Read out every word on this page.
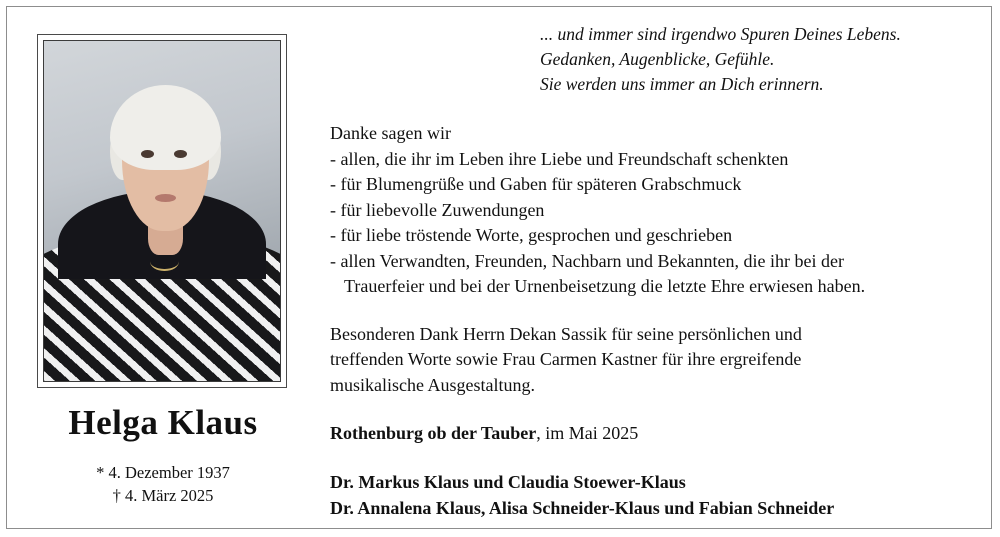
Helga Klaus
* 4. Dezember 1937
† 4. März 2025
... und immer sind irgendwo Spuren Deines Lebens.
Gedanken, Augenblicke, Gefühle.
Sie werden uns immer an Dich erinnern.
Danke sagen wir
- allen, die ihr im Leben ihre Liebe und Freundschaft schenkten
- für Blumengrüße und Gaben für späteren Grabschmuck
- für liebevolle Zuwendungen
- für liebe tröstende Worte, gesprochen und geschrieben
- allen Verwandten, Freunden, Nachbarn und Bekannten, die ihr bei der
Trauerfeier und bei der Urnenbeisetzung die letzte Ehre erwiesen haben.
Besonderen Dank Herrn Dekan Sassik für seine persönlichen und
treffenden Worte sowie Frau Carmen Kastner für ihre ergreifende
musikalische Ausgestaltung.
Rothenburg ob der Tauber, im Mai 2025
Dr. Markus Klaus und Claudia Stoewer-Klaus
Dr. Annalena Klaus, Alisa Schneider-Klaus und Fabian Schneider
